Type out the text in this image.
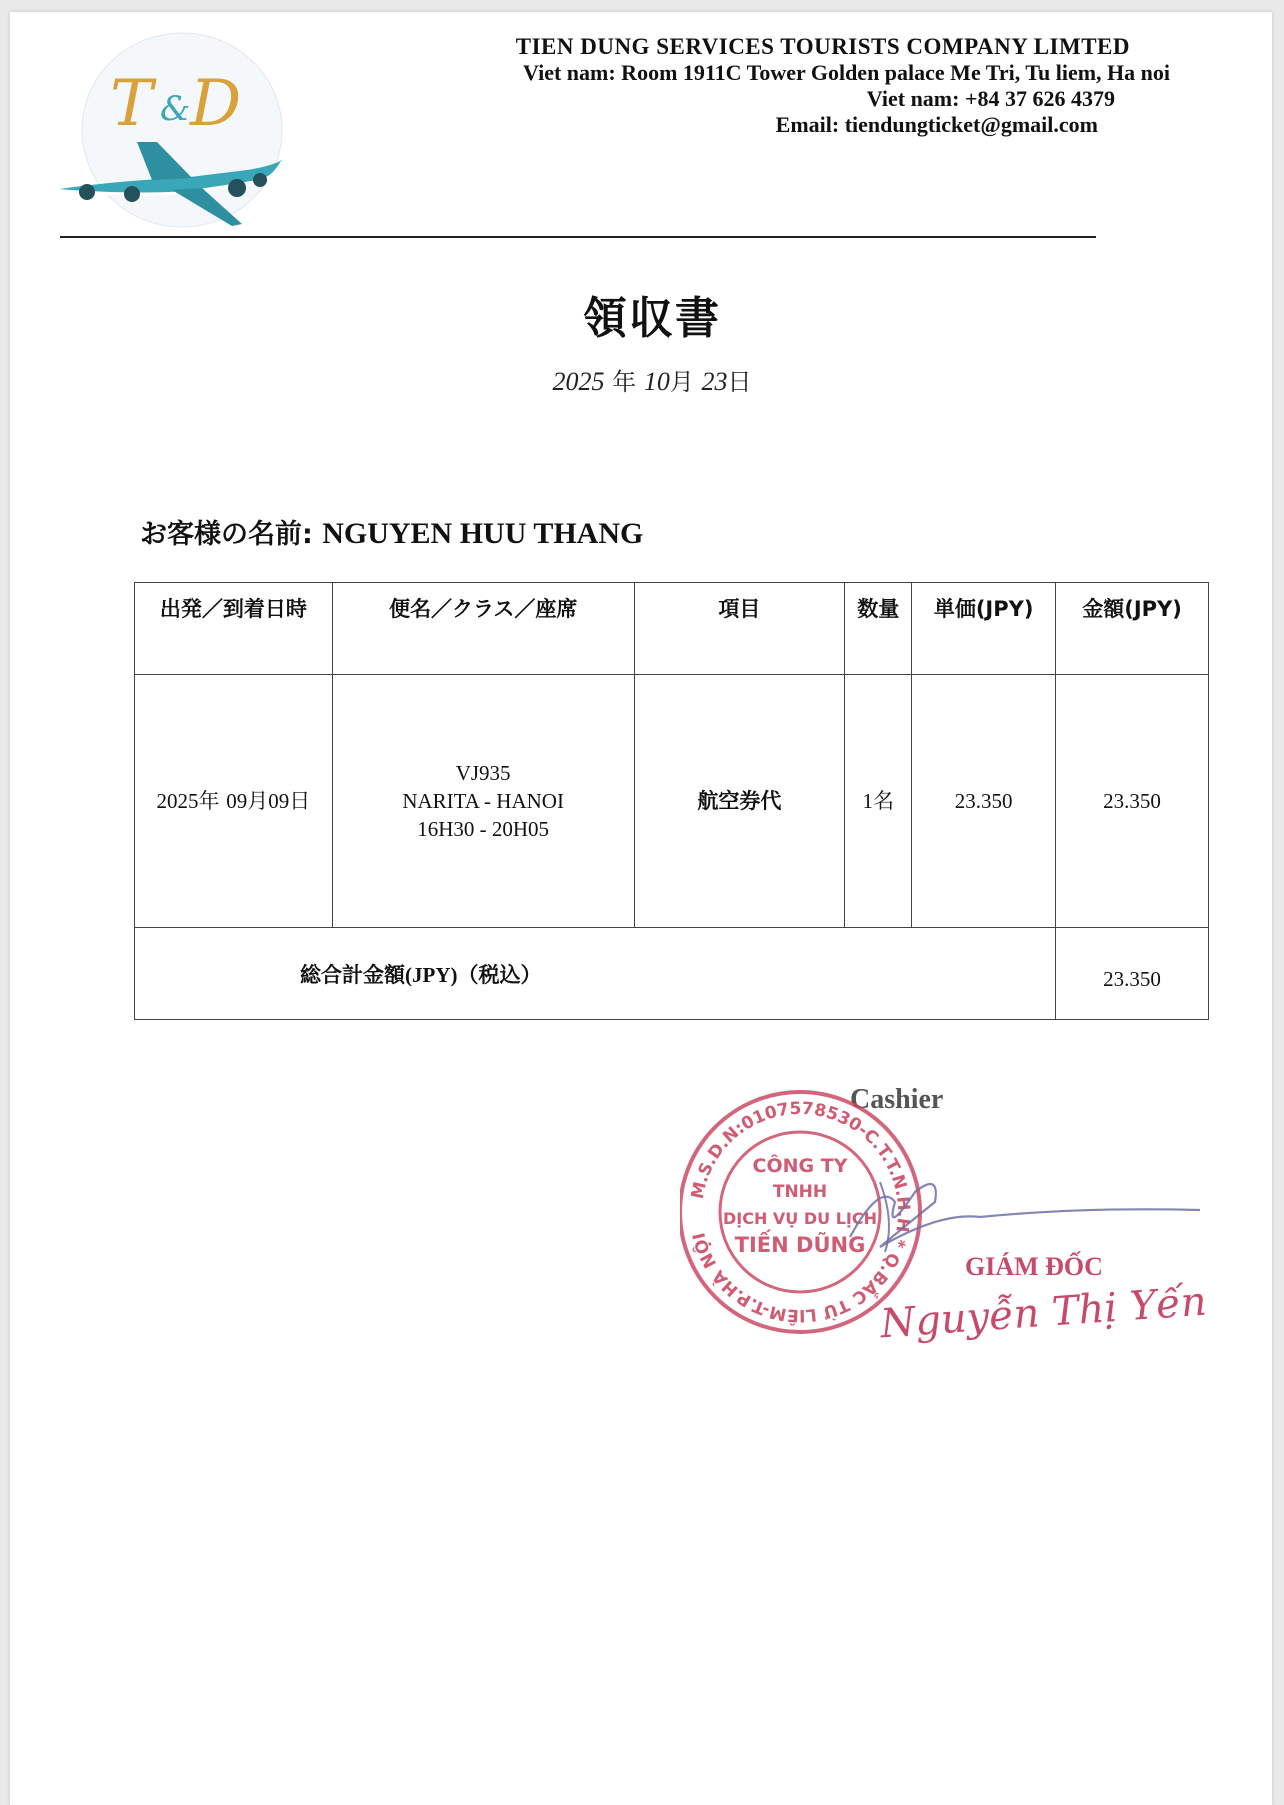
T & D
TIEN DUNG SERVICES TOURISTS COMPANY LIMTED
Viet nam: Room 1911C Tower Golden palace Me Tri, Tu liem, Ha noi
Viet nam: +84 37 626 4379
Email: tiendungticket@gmail.com
領収書
2025 年 10月 23日
お客様の名前: NGUYEN HUU THANG
出発／到着日時	便名／クラス／座席	項目	数量	単価(JPY)	金額(JPY)
2025年 09月09日	VJ935
NARITA - HANOI
16H30 - 20H05	航空券代	1名	23.350	23.350
総合計金額(JPY)（税込）					23.350
Cashier
M.S.D.N:0107578530-C.T.T.N.H.H * Q.BẮC TỪ LIÊM-T.P.HÀ NỘI
CÔNG TY
TNHH
DỊCH VỤ DU LỊCH
TIẾN DŨNG
GIÁM ĐỐC
Nguyễn Thị Yến
